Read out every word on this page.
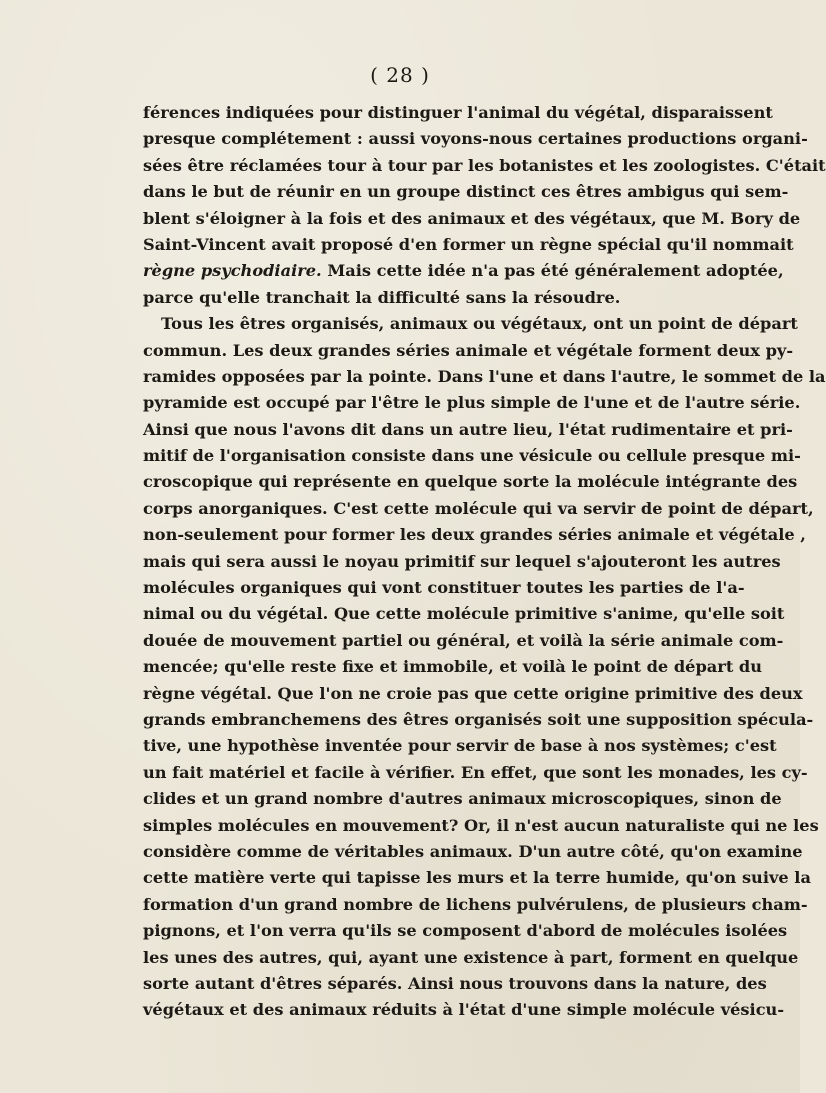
( 28 )
férences indiquées pour distinguer l'animal du végétal, disparaissent
presque complétement : aussi voyons-nous certaines productions organi-
sées être réclamées tour à tour par les botanistes et les zoologistes. C'était
dans le but de réunir en un groupe distinct ces êtres ambigus qui sem-
blent s'éloigner à la fois et des animaux et des végétaux, que M. Bory de
Saint-Vincent avait proposé d'en former un règne spécial qu'il nommait
règne psychodiaire. Mais cette idée n'a pas été généralement adoptée,
parce qu'elle tranchait la difficulté sans la résoudre.
Tous les êtres organisés, animaux ou végétaux, ont un point de départ
commun. Les deux grandes séries animale et végétale forment deux py-
ramides opposées par la pointe. Dans l'une et dans l'autre, le sommet de la
pyramide est occupé par l'être le plus simple de l'une et de l'autre série.
Ainsi que nous l'avons dit dans un autre lieu, l'état rudimentaire et pri-
mitif de l'organisation consiste dans une vésicule ou cellule presque mi-
croscopique qui représente en quelque sorte la molécule intégrante des
corps anorganiques. C'est cette molécule qui va servir de point de départ,
non-seulement pour former les deux grandes séries animale et végétale ,
mais qui sera aussi le noyau primitif sur lequel s'ajouteront les autres
molécules organiques qui vont constituer toutes les parties de l'a-
nimal ou du végétal. Que cette molécule primitive s'anime, qu'elle soit
douée de mouvement partiel ou général, et voilà la série animale com-
mencée; qu'elle reste fixe et immobile, et voilà le point de départ du
règne végétal. Que l'on ne croie pas que cette origine primitive des deux
grands embranchemens des êtres organisés soit une supposition spécula-
tive, une hypothèse inventée pour servir de base à nos systèmes; c'est
un fait matériel et facile à vérifier. En effet, que sont les monades, les cy-
clides et un grand nombre d'autres animaux microscopiques, sinon de
simples molécules en mouvement? Or, il n'est aucun naturaliste qui ne les
considère comme de véritables animaux. D'un autre côté, qu'on examine
cette matière verte qui tapisse les murs et la terre humide, qu'on suive la
formation d'un grand nombre de lichens pulvérulens, de plusieurs cham-
pignons, et l'on verra qu'ils se composent d'abord de molécules isolées
les unes des autres, qui, ayant une existence à part, forment en quelque
sorte autant d'êtres séparés. Ainsi nous trouvons dans la nature, des
végétaux et des animaux réduits à l'état d'une simple molécule vésicu-
